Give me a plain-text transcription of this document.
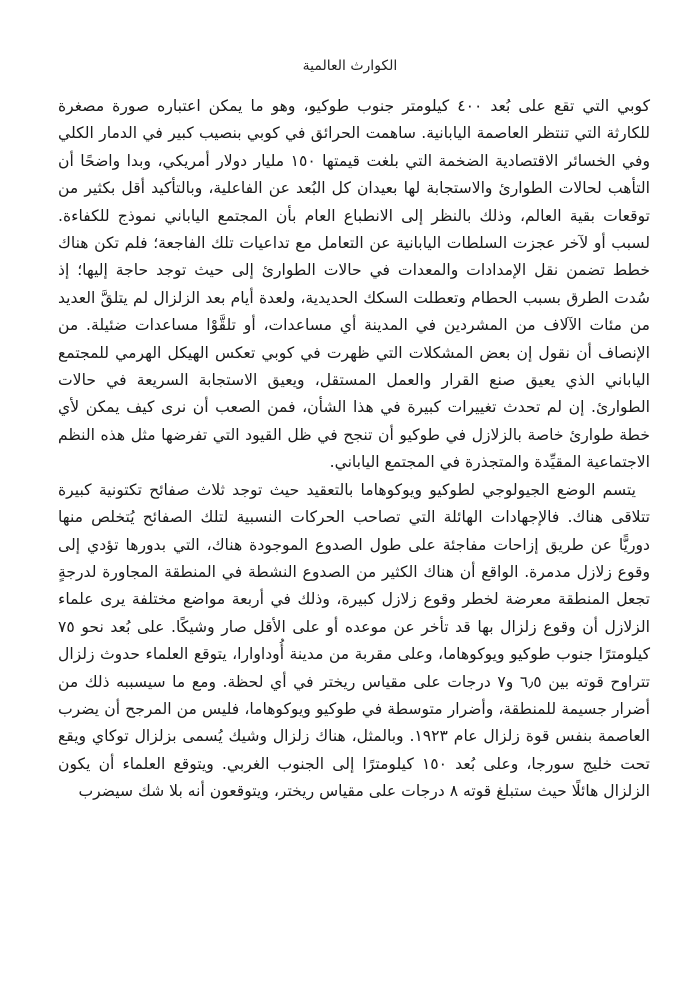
الكوارث العالمية

كوبي التي تقع على بُعد ٤٠٠ كيلومتر جنوب طوكيو، وهو ما يمكن اعتباره صورة مصغرة للكارثة التي تنتظر العاصمة اليابانية. ساهمت الحرائق في كوبي بنصيب كبير في الدمار الكلي وفي الخسائر الاقتصادية الضخمة التي بلغت قيمتها ١٥٠ مليار دولار أمريكي، وبدا واضحًا أن التأهب لحالات الطوارئ والاستجابة لها بعيدان كل البُعد عن الفاعلية، وبالتأكيد أقل بكثير من توقعات بقية العالم، وذلك بالنظر إلى الانطباع العام بأن المجتمع الياباني نموذج للكفاءة. لسبب أو لآخر عجزت السلطات اليابانية عن التعامل مع تداعيات تلك الفاجعة؛ فلم تكن هناك خطط تضمن نقل الإمدادات والمعدات في حالات الطوارئ إلى حيث توجد حاجة إليها؛ إذ سُدت الطرق بسبب الحطام وتعطلت السكك الحديدية، ولعدة أيام بعد الزلزال لم يتلقَّ العديد من مئات الآلاف من المشردين في المدينة أي مساعدات، أو تلقَّوْا مساعدات ضئيلة. من الإنصاف أن نقول إن بعض المشكلات التي ظهرت في كوبي تعكس الهيكل الهرمي للمجتمع الياباني الذي يعيق صنع القرار والعمل المستقل، ويعيق الاستجابة السريعة في حالات الطوارئ. إن لم تحدث تغييرات كبيرة في هذا الشأن، فمن الصعب أن نرى كيف يمكن لأي خطة طوارئ خاصة بالزلازل في طوكيو أن تنجح في ظل القيود التي تفرضها مثل هذه النظم الاجتماعية المقيِّدة والمتجذرة في المجتمع الياباني.

يتسم الوضع الجيولوجي لطوكيو ويوكوهاما بالتعقيد حيث توجد ثلاث صفائح تكتونية كبيرة تتلاقى هناك. فالإجهادات الهائلة التي تصاحب الحركات النسبية لتلك الصفائح يُتخلص منها دوريًّا عن طريق إزاحات مفاجئة على طول الصدوع الموجودة هناك، التي بدورها تؤدي إلى وقوع زلازل مدمرة. الواقع أن هناك الكثير من الصدوع النشطة في المنطقة المجاورة لدرجةٍ تجعل المنطقة معرضة لخطر وقوع زلازل كبيرة، وذلك في أربعة مواضع مختلفة يرى علماء الزلازل أن وقوع زلزال بها قد تأخر عن موعده أو على الأقل صار وشيكًا. على بُعد نحو ٧٥ كيلومترًا جنوب طوكيو ويوكوهاما، وعلى مقربة من مدينة أُوداوارا، يتوقع العلماء حدوث زلزال تتراوح قوته بين ٦٫٥ و٧ درجات على مقياس ريختر في أي لحظة. ومع ما سيسببه ذلك من أضرار جسيمة للمنطقة، وأضرار متوسطة في طوكيو ويوكوهاما، فليس من المرجح أن يضرب العاصمة بنفس قوة زلزال عام ١٩٢٣. وبالمثل، هناك زلزال وشيك يُسمى بزلزال توكاي ويقع تحت خليج سورجا، وعلى بُعد ١٥٠ كيلومترًا إلى الجنوب الغربي. ويتوقع العلماء أن يكون الزلزال هائلًا حيث ستبلغ قوته ٨ درجات على مقياس ريختر، ويتوقعون أنه بلا شك سيضرب
